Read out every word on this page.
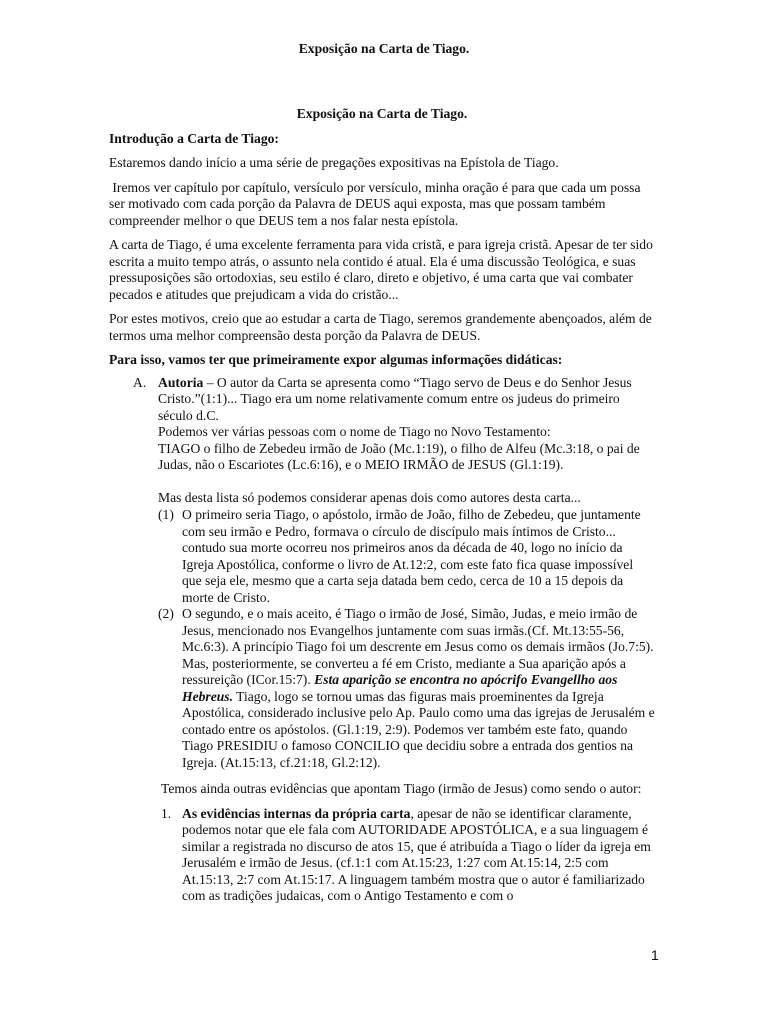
Exposição na Carta de Tiago.

Exposição na Carta de Tiago.

Introdução a Carta de Tiago:

Estaremos dando início a uma série de pregações expositivas na Epístola de Tiago.

Iremos ver capítulo por capítulo, versículo por versículo, minha oração é para que cada um possa ser motivado com cada porção da Palavra de DEUS aqui exposta, mas que possam também compreender melhor o que DEUS tem a nos falar nesta epístola.

A carta de Tiago, é uma excelente ferramenta para vida cristã, e para igreja cristã. Apesar de ter sido escrita a muito tempo atrás, o assunto nela contido é atual. Ela é uma discussão Teológica, e suas pressuposições são ortodoxias, seu estilo é claro, direto e objetivo, é uma carta que vai combater pecados e atitudes que prejudicam a vida do cristão...

Por estes motivos, creio que ao estudar a carta de Tiago, seremos grandemente abençoados, além de termos uma melhor compreensão desta porção da Palavra de DEUS.

Para isso, vamos ter que primeiramente expor algumas informações didáticas:

A. Autoria – O autor da Carta se apresenta como “Tiago servo de Deus e do Senhor Jesus Cristo.”(1:1)... Tiago era um nome relativamente comum entre os judeus do primeiro século d.C.

Podemos ver várias pessoas com o nome de Tiago no Novo Testamento:

TIAGO o filho de Zebedeu irmão de João (Mc.1:19), o filho de Alfeu (Mc.3:18, o pai de Judas, não o Escariotes (Lc.6:16), e o MEIO IRMÃO de JESUS (Gl.1:19).

Mas desta lista só podemos considerar apenas dois como autores desta carta...

(1) O primeiro seria Tiago, o apóstolo, irmão de João, filho de Zebedeu, que juntamente com seu irmão e Pedro, formava o círculo de discípulo mais íntimos de Cristo... contudo sua morte ocorreu nos primeiros anos da década de 40, logo no início da Igreja Apostólica, conforme o livro de At.12:2, com este fato fica quase impossível que seja ele, mesmo que a carta seja datada bem cedo, cerca de 10 a 15 depois da morte de Cristo.
(2) O segundo, e o mais aceito, é Tiago o irmão de José, Simão, Judas, e meio irmão de Jesus, mencionado nos Evangelhos juntamente com suas irmãs.(Cf. Mt.13:55-56, Mc.6:3). A princípio Tiago foi um descrente em Jesus como os demais irmãos (Jo.7:5). Mas, posteriormente, se converteu a fé em Cristo, mediante a Sua aparição após a ressureição (ICor.15:7). Esta aparição se encontra no apócrifo Evangellho aos Hebreus. Tiago, logo se tornou umas das figuras mais proeminentes da Igreja Apostólica, considerado inclusive pelo Ap. Paulo como uma das igrejas de Jerusalém e contado entre os apóstolos. (Gl.1:19, 2:9). Podemos ver também este fato, quando Tiago PRESIDIU o famoso CONCILIO que decidiu sobre a entrada dos gentios na Igreja. (At.15:13, cf.21:18, Gl.2:12).

Temos ainda outras evidências que apontam Tiago (irmão de Jesus) como sendo o autor:

1. As evidências internas da própria carta, apesar de não se identificar claramente, podemos notar que ele fala com AUTORIDADE APOSTÓLICA, e a sua linguagem é similar a registrada no discurso de atos 15, que é atribuída a Tiago o líder da igreja em Jerusalém e irmão de Jesus. (cf.1:1 com At.15:23, 1:27 com At.15:14, 2:5 com At.15:13, 2:7 com At.15:17. A linguagem também mostra que o autor é familiarizado com as tradições judaicas, com o Antigo Testamento e com o

1
